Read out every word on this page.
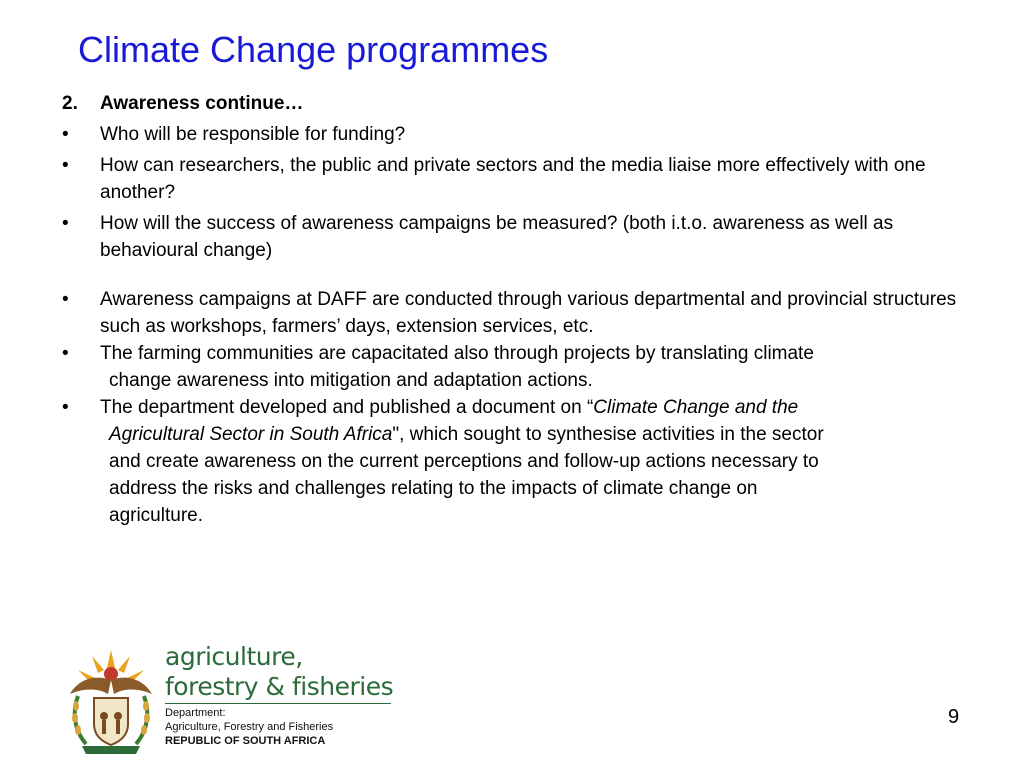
Climate Change programmes
2. Awareness continue…
• Who will be responsible for funding?
• How can researchers, the public and private sectors and the media liaise more effectively with one another?
• How will the success of awareness campaigns be measured? (both i.t.o. awareness as well as behavioural change)
• Awareness campaigns at DAFF are conducted through various departmental and provincial structures such as workshops, farmers’ days, extension services, etc.
• The farming communities are capacitated also through projects by translating climate
change awareness into mitigation and adaptation actions.
• The department developed and published a document on “Climate Change and the
Agricultural Sector in South Africa", which sought to synthesise activities in the sector
and create awareness on the current perceptions and follow-up actions necessary to
address the risks and challenges relating to the impacts of climate change on
agriculture.
agriculture,
forestry & fisheries
Department:
Agriculture, Forestry and Fisheries
REPUBLIC OF SOUTH AFRICA
9
